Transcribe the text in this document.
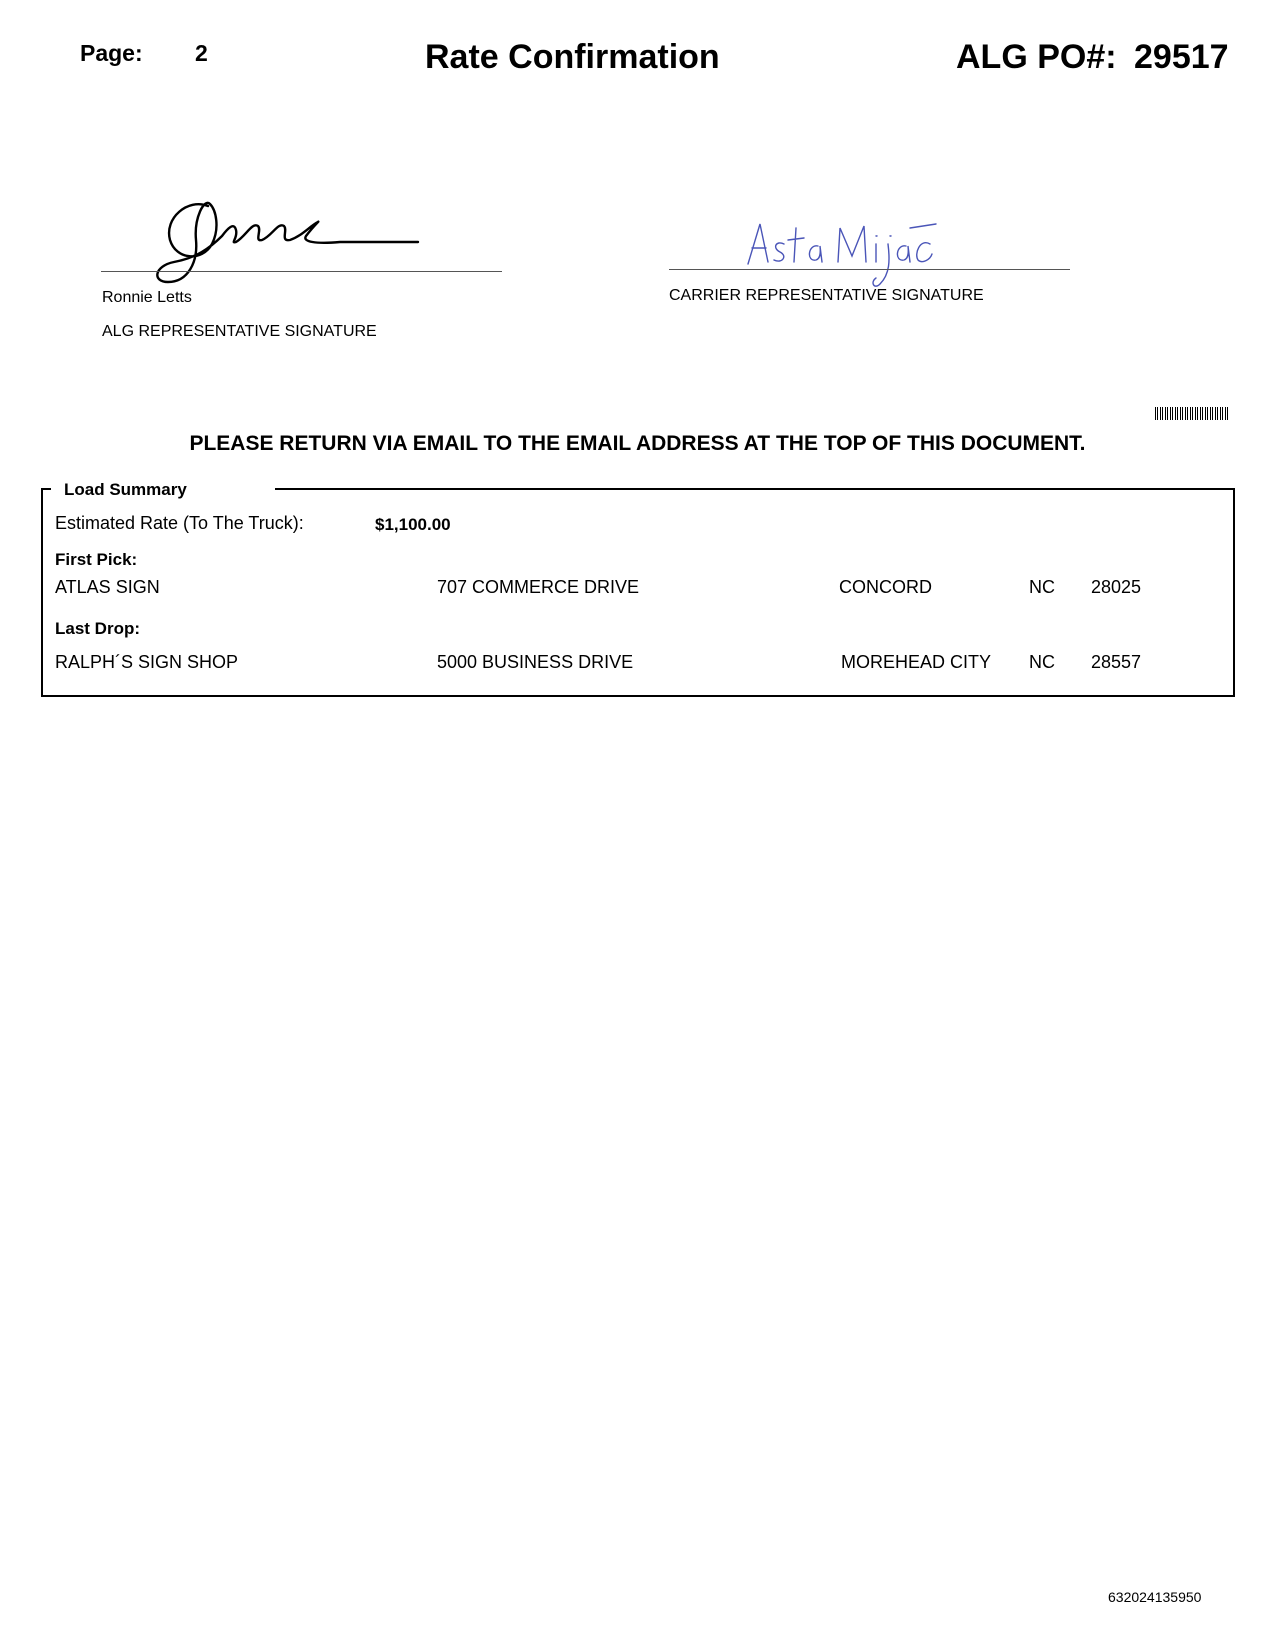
Page: 2	Rate Confirmation	ALG PO#: 29517
Ronnie Letts
ALG REPRESENTATIVE SIGNATURE
CARRIER REPRESENTATIVE SIGNATURE
PLEASE RETURN VIA EMAIL TO THE EMAIL ADDRESS AT THE TOP OF THIS DOCUMENT.
Load Summary
Estimated Rate (To The Truck):	$1,100.00
First Pick:
ATLAS SIGN	707 COMMERCE DRIVE	CONCORD	NC 28025
Last Drop:
RALPH´S SIGN SHOP	5000 BUSINESS DRIVE	MOREHEAD CITY NC 28557
632024135950
